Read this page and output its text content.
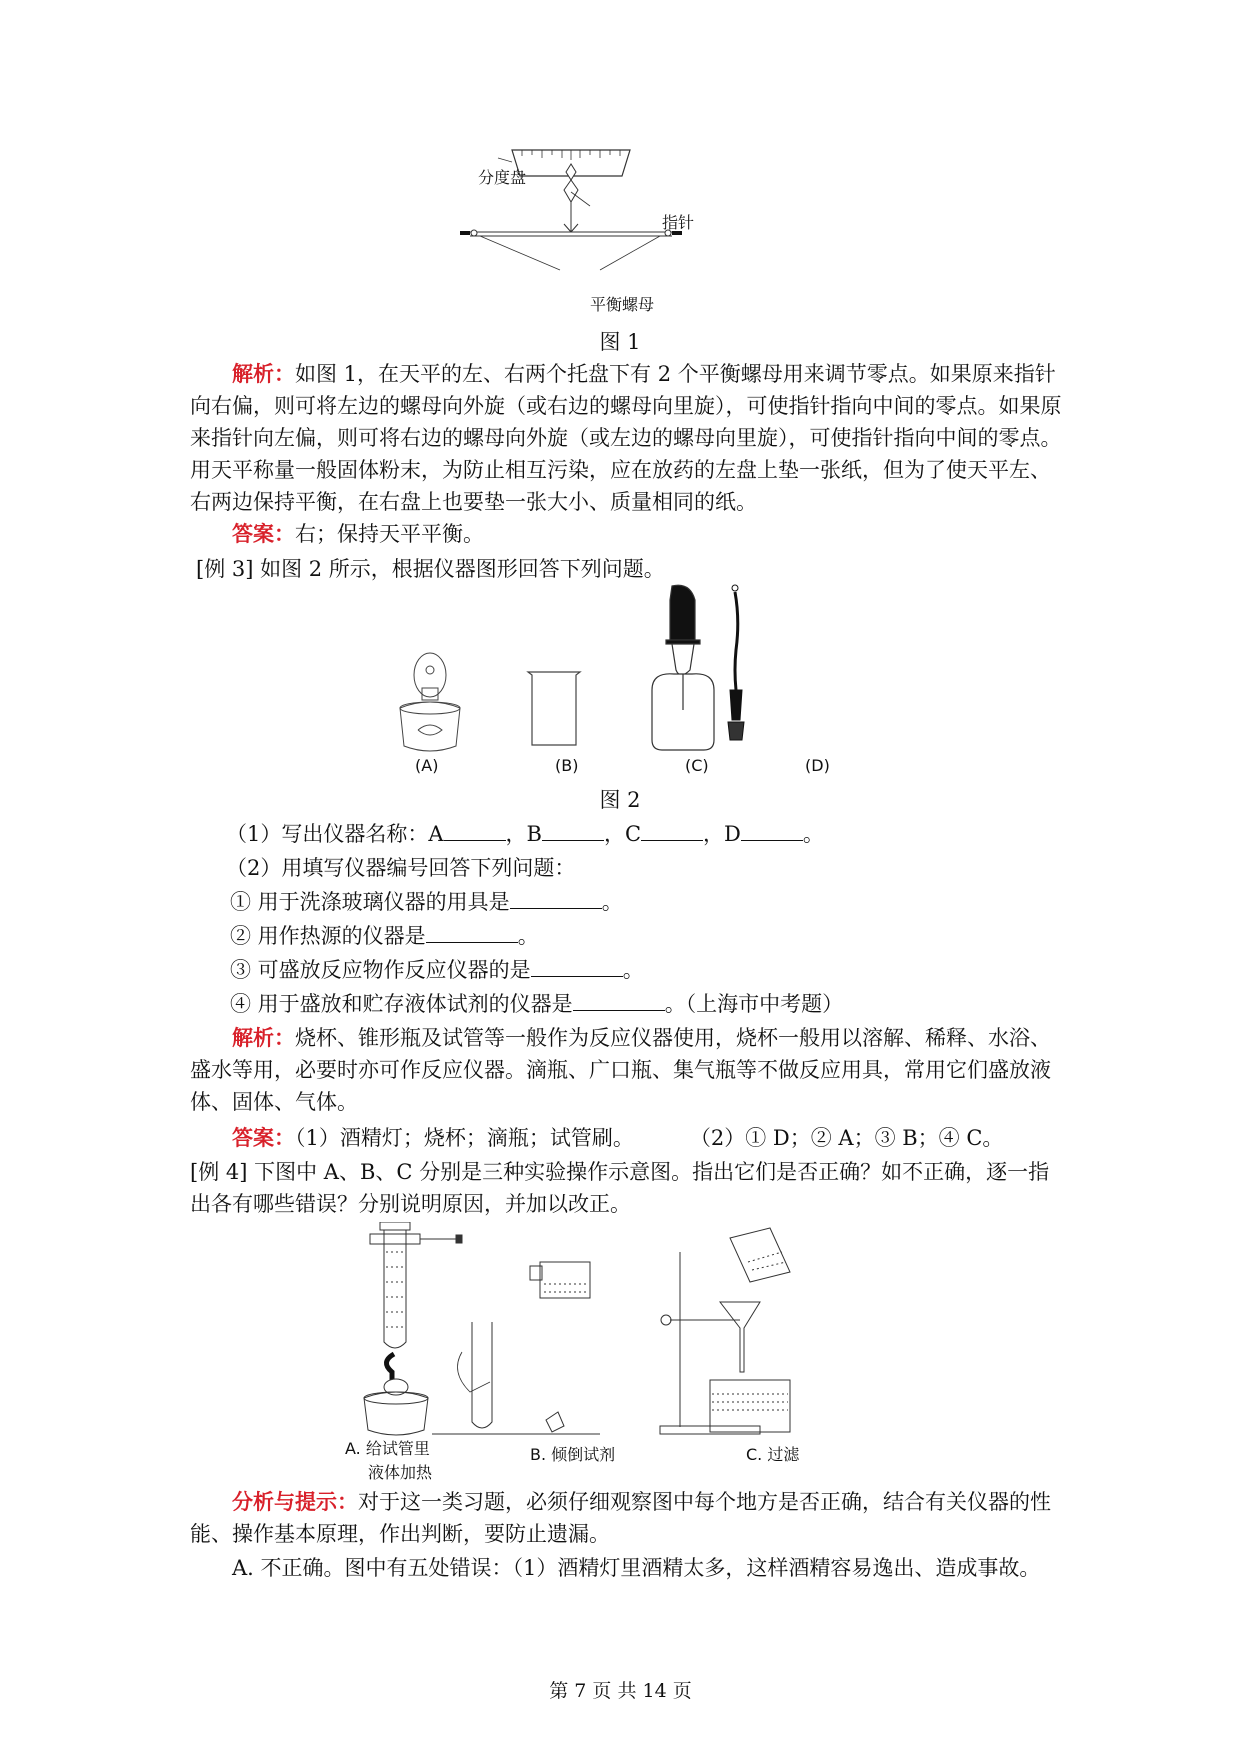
分度盘
指针
平衡螺母
图 1

解析：如图 1，在天平的左、右两个托盘下有 2 个平衡螺母用来调节零点。如果原来指针向右偏，则可将左边的螺母向外旋（或右边的螺母向里旋），可使指针指向中间的零点。如果原来指针向左偏，则可将右边的螺母向外旋（或左边的螺母向里旋），可使指针指向中间的零点。用天平称量一般固体粉末，为防止相互污染，应在放药的左盘上垫一张纸，但为了使天平左、右两边保持平衡，在右盘上也要垫一张大小、质量相同的纸。

答案：右；保持天平平衡。

[例 3] 如图 2 所示，根据仪器图形回答下列问题。

(A)	(B)	(C)	(D)
图 2

（1）写出仪器名称：A	，B	，C	，D	。

（2）用填写仪器编号回答下列问题：

① 用于洗涤玻璃仪器的用具是	。

② 用作热源的仪器是	。

③ 可盛放反应物作反应仪器的是	。

④ 用于盛放和贮存液体试剂的仪器是	。（上海市中考题）

解析：烧杯、锥形瓶及试管等一般作为反应仪器使用，烧杯一般用以溶解、稀释、水浴、盛水等用，必要时亦可作反应仪器。滴瓶、广口瓶、集气瓶等不做反应用具，常用它们盛放液体、固体、气体。

答案：（1）酒精灯；烧杯；滴瓶；试管刷。	（2）① D；② A；③ B；④ C。

[例 4] 下图中 A、B、C 分别是三种实验操作示意图。指出它们是否正确？如不正确，逐一指出各有哪些错误？分别说明原因，并加以改正。

A. 给试管里
液体加热
B. 倾倒试剂	C. 过滤

分析与提示：对于这一类习题，必须仔细观察图中每个地方是否正确，结合有关仪器的性能、操作基本原理，作出判断，要防止遗漏。

A. 不正确。图中有五处错误：（1）酒精灯里酒精太多，这样酒精容易逸出、造成事故。

第 7 页 共 14 页
